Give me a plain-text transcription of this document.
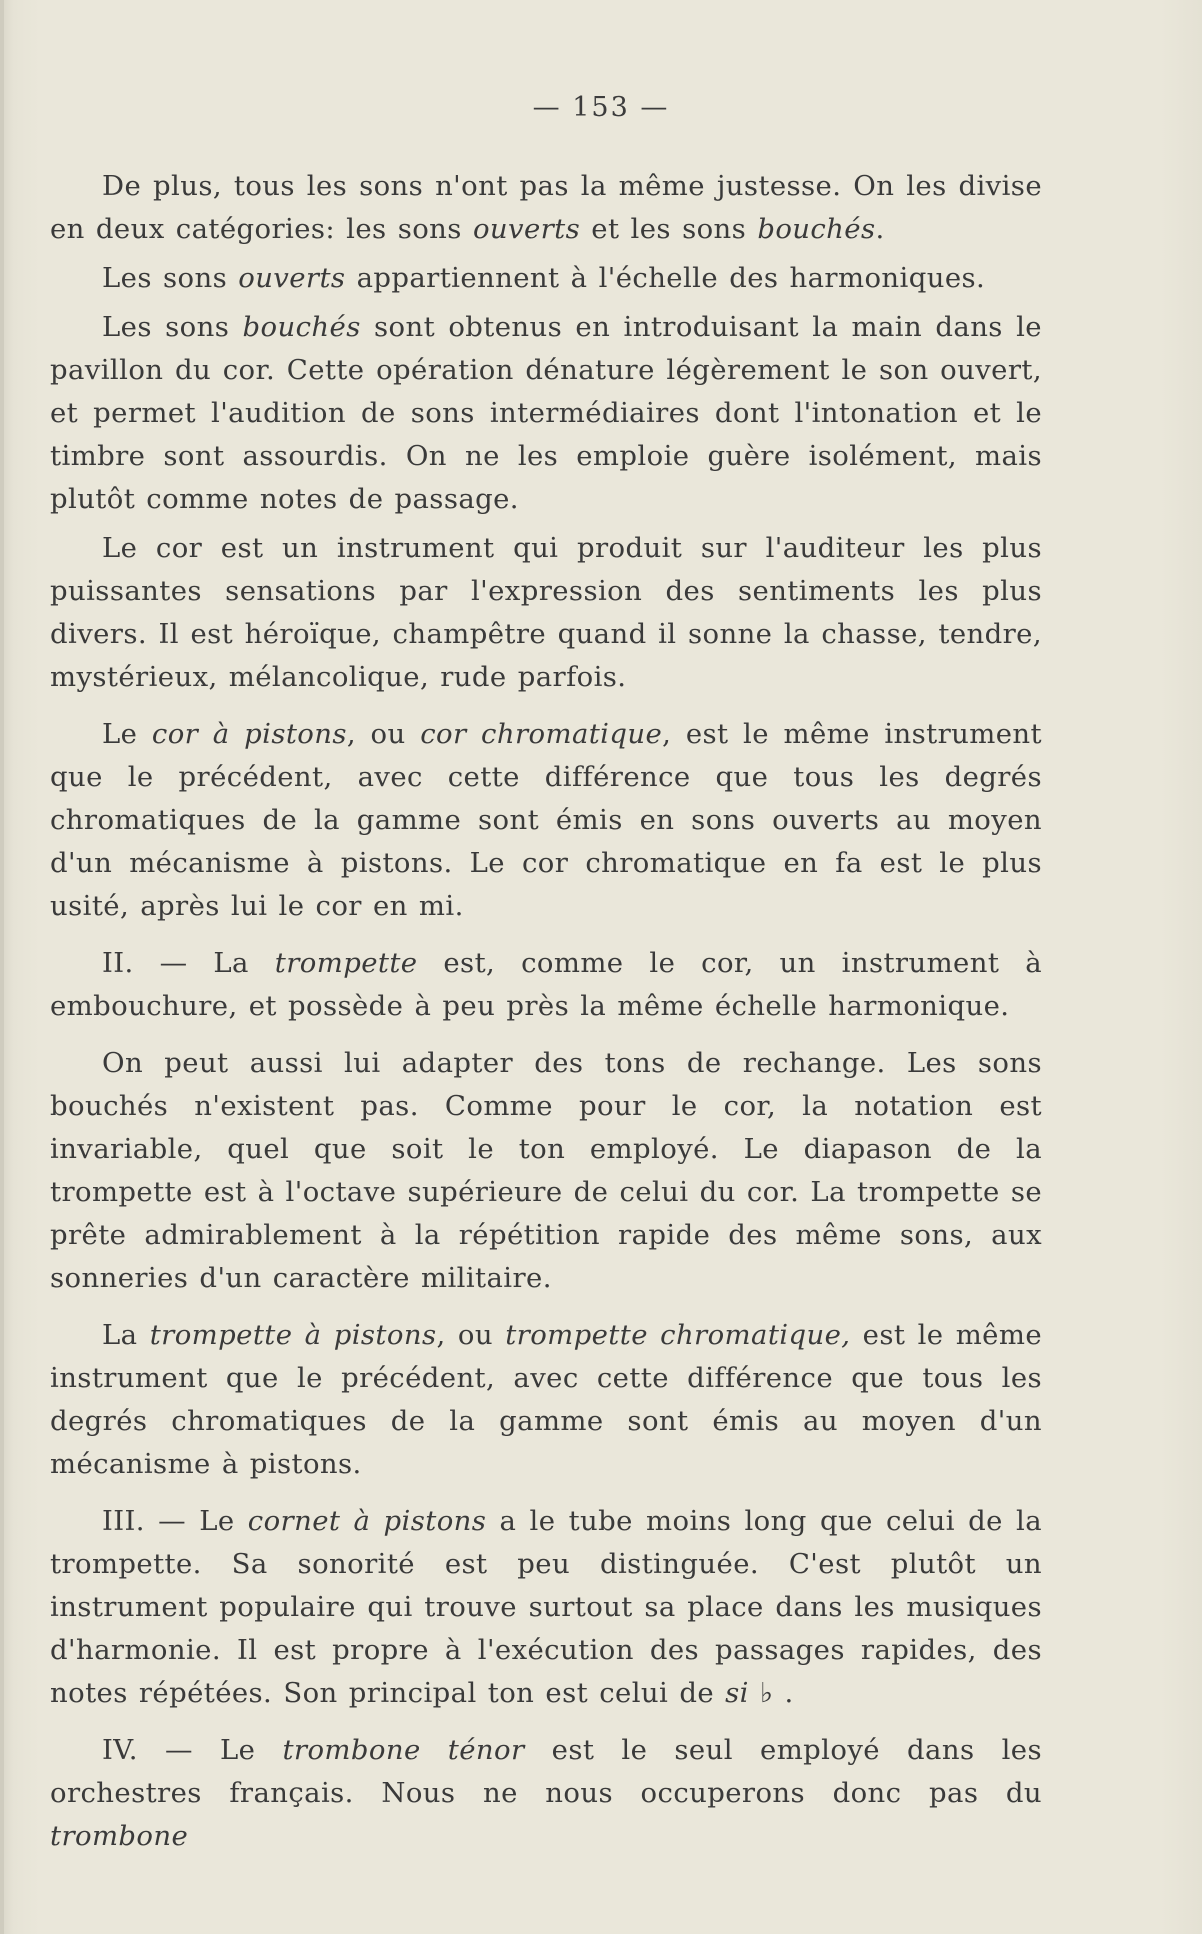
— 153 —

De plus, tous les sons n'ont pas la même justesse. On les divise en deux catégories: les sons ouverts et les sons bouchés.

Les sons ouverts appartiennent à l'échelle des harmoniques.

Les sons bouchés sont obtenus en introduisant la main dans le pavillon du cor. Cette opération dénature légèrement le son ouvert, et permet l'audition de sons intermédiaires dont l'intonation et le timbre sont assourdis. On ne les emploie guère isolément, mais plutôt comme notes de passage.

Le cor est un instrument qui produit sur l'auditeur les plus puissantes sensations par l'expression des sentiments les plus divers. Il est héroïque, champêtre quand il sonne la chasse, tendre, mystérieux, mélancolique, rude parfois.

Le cor à pistons, ou cor chromatique, est le même instrument que le précédent, avec cette différence que tous les degrés chromatiques de la gamme sont émis en sons ouverts au moyen d'un mécanisme à pistons. Le cor chromatique en fa est le plus usité, après lui le cor en mi.

II. — La trompette est, comme le cor, un instrument à embouchure, et possède à peu près la même échelle harmonique.

On peut aussi lui adapter des tons de rechange. Les sons bouchés n'existent pas. Comme pour le cor, la notation est invariable, quel que soit le ton employé. Le diapason de la trompette est à l'octave supérieure de celui du cor. La trompette se prête admirablement à la répétition rapide des même sons, aux sonneries d'un caractère militaire.

La trompette à pistons, ou trompette chromatique, est le même instrument que le précédent, avec cette différence que tous les degrés chromatiques de la gamme sont émis au moyen d'un mécanisme à pistons.

III. — Le cornet à pistons a le tube moins long que celui de la trompette. Sa sonorité est peu distinguée. C'est plutôt un instrument populaire qui trouve surtout sa place dans les musiques d'harmonie. Il est propre à l'exécution des passages rapides, des notes répétées. Son principal ton est celui de si ♭ .

IV. — Le trombone ténor est le seul employé dans les orchestres français. Nous ne nous occuperons donc pas du trombone
